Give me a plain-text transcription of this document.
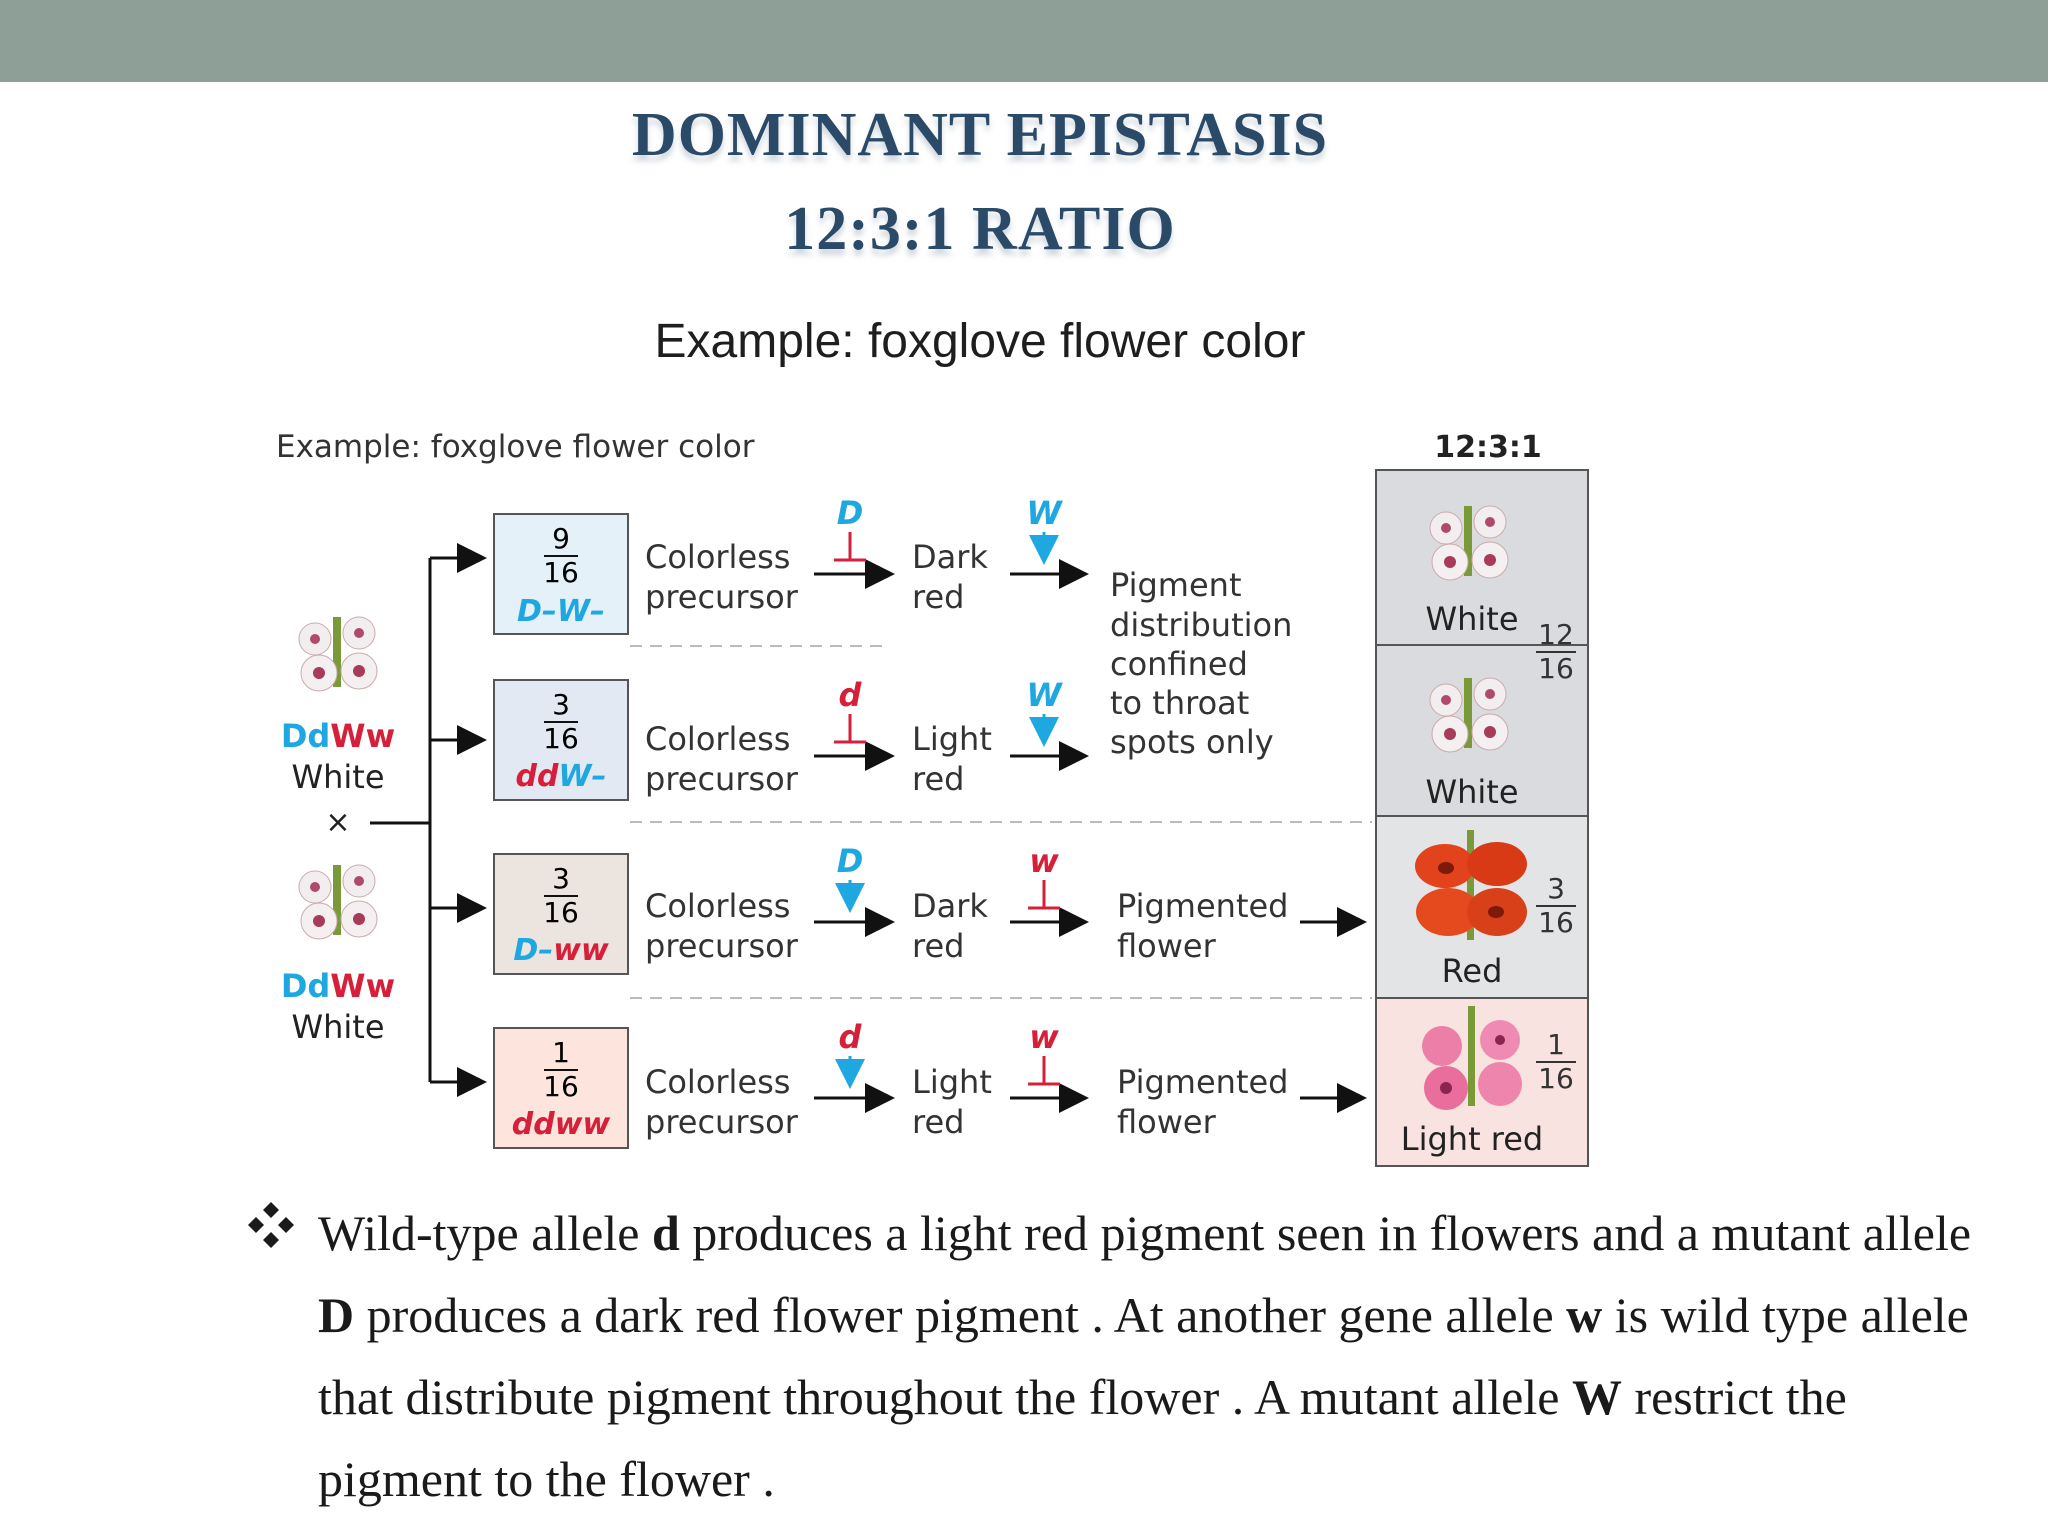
DOMINANT EPISTASIS
12:3:1 RATIO
Example: foxglove flower color
Example: foxglove flower color	12:3:1
DdWw
White
×
DdWw
White
9
16
D–W–
3
16
ddW–
3
16
D–ww
1
16
ddww
Colorless
precursor
Dark
red
Colorless
precursor
Light
red
Colorless
precursor
Dark
red
Pigmented
flower
Colorless
precursor
Light
red
Pigmented
flower
Pigment
distribution
confined
to throat
spots only
D	W
d	W
D	w
d	w
White
White
Red
Light red
12
16
3
16
1
16
Wild-type allele d produces a light red pigment seen in flowers and a mutant allele D produces a dark red flower pigment . At another gene allele w is wild type allele that distribute pigment throughout the flower . A mutant allele W restrict the pigment to the flower .
